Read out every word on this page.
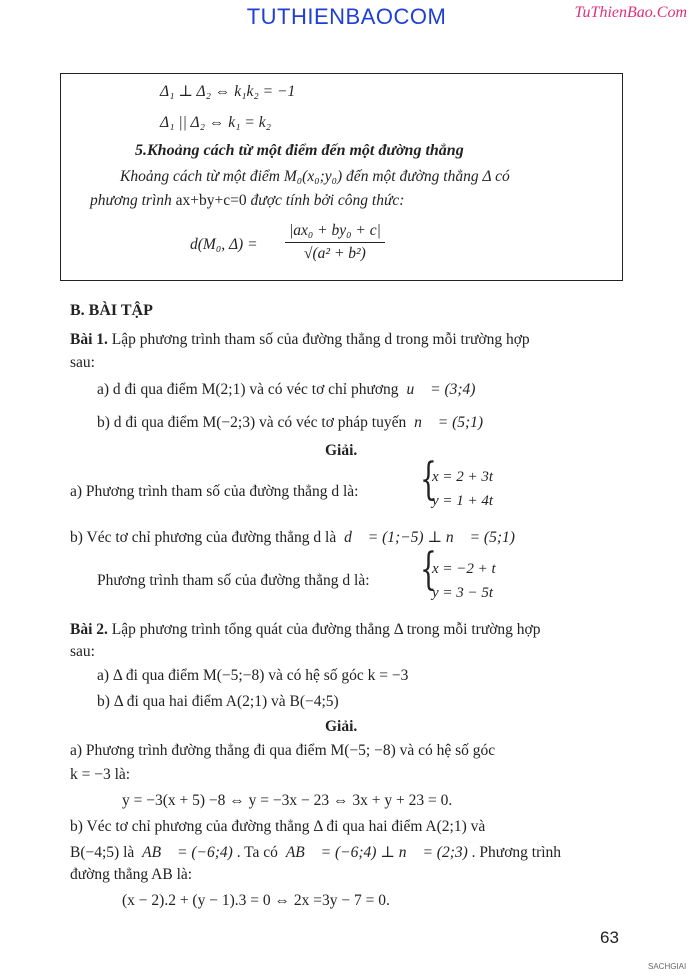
TUTHIENBAOCOM	TuThienBao.Com
Δ₁ ⊥ Δ₂ ⇔ k₁k₂ = −1
Δ₁ || Δ₂ ⇔ k₁ = k₂
5.Khoảng cách từ một điểm đến một đường thẳng
Khoảng cách từ một điểm M₀(x₀;y₀) đến một đường thẳng Δ có
phương trình ax+by+c=0 được tính bởi công thức:
d(M₀, $\Delta) = \frac{\text{|ax₀ + by₀ + c|}}{\text{√(a² + b²)}}$
B. BÀI TẬP
Bài 1. Lập phương trình tham số của đường thẳng d trong mỗi trường hợp
sau:
a) d đi qua điểm M(2;1) và có véc tơ chỉ phương u⃗ = (3;4)
b) d đi qua điểm M(−2;3) và có véc tơ pháp tuyến n⃗ = (5;1)
Giải.
a) Phương trình tham số của đường thẳng d là: {
x = 2 + 3t
y = 1 + 4t
b) Véc tơ chỉ phương của đường thẳng d là d⃗ = (1;−5) ⊥ n⃗ = (5;1)
Phương trình tham số của đường thẳng d là: {
x = −2 + t
y = 3 − 5t
Bài 2. Lập phương trình tổng quát của đường thẳng Δ trong mỗi trường hợp
sau:
a) Δ đi qua điểm M(−5;−8) và có hệ số góc k = −3
b) Δ đi qua hai điểm A(2;1) và B(−4;5)
Giải.
a) Phương trình đường thẳng đi qua điểm M(−5; −8) và có hệ số góc
k = −3 là:
y = −3(x + 5) −8 ⇔ y = −3x − 23 ⇔ 3x + y + 23 = 0.
b) Véc tơ chỉ phương của đường thẳng Δ đi qua hai điểm A(2;1) và
B(−4;5) là AB⃗ = (−6;4) . Ta có AB⃗ = (−6;4) ⊥ n⃗ = (2;3) . Phương trình
đường thẳng AB là:
(x − 2).2 + (y − 1).3 = 0 ⇔ 2x =3y − 7 = 0.
63
SACHGIAI
